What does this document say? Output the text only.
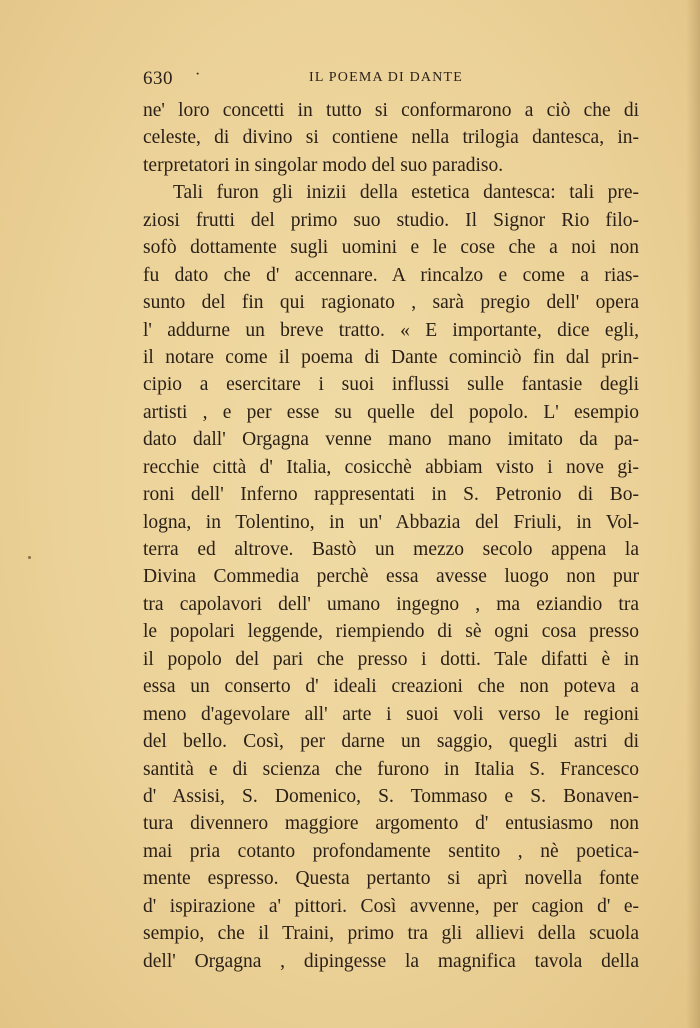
630 ·	IL POEMA DI DANTE
ne' loro concetti in tutto si conformarono a ciò che di
celeste, di divino si contiene nella trilogia dantesca, in-
terpretatori in singolar modo del suo paradiso.
Tali furon gli inizii della estetica dantesca: tali pre-
ziosi frutti del primo suo studio. Il Signor Rio filo-
sofò dottamente sugli uomini e le cose che a noi non
fu dato che d' accennare. A rincalzo e come a rias-
sunto del fin qui ragionato , sarà pregio dell' opera
l' addurne un breve tratto. « E importante, dice egli,
il notare come il poema di Dante cominciò fin dal prin-
cipio a esercitare i suoi influssi sulle fantasie degli
artisti , e per esse su quelle del popolo. L' esempio
dato dall' Orgagna venne mano mano imitato da pa-
recchie città d' Italia, cosicchè abbiam visto i nove gi-
roni dell' Inferno rappresentati in S. Petronio di Bo-
logna, in Tolentino, in un' Abbazia del Friuli, in Vol-
terra ed altrove. Bastò un mezzo secolo appena la
Divina Commedia perchè essa avesse luogo non pur
tra capolavori dell' umano ingegno , ma eziandio tra
le popolari leggende, riempiendo di sè ogni cosa presso
il popolo del pari che presso i dotti. Tale difatti è in
essa un conserto d' ideali creazioni che non poteva a
meno d'agevolare all' arte i suoi voli verso le regioni
del bello. Così, per darne un saggio, quegli astri di
santità e di scienza che furono in Italia S. Francesco
d' Assisi, S. Domenico, S. Tommaso e S. Bonaven-
tura divennero maggiore argomento d' entusiasmo non
mai pria cotanto profondamente sentito , nè poetica-
mente espresso. Questa pertanto si aprì novella fonte
d' ispirazione a' pittori. Così avvenne, per cagion d' e-
sempio, che il Traini, primo tra gli allievi della scuola
dell' Orgagna , dipingesse la magnifica tavola della
